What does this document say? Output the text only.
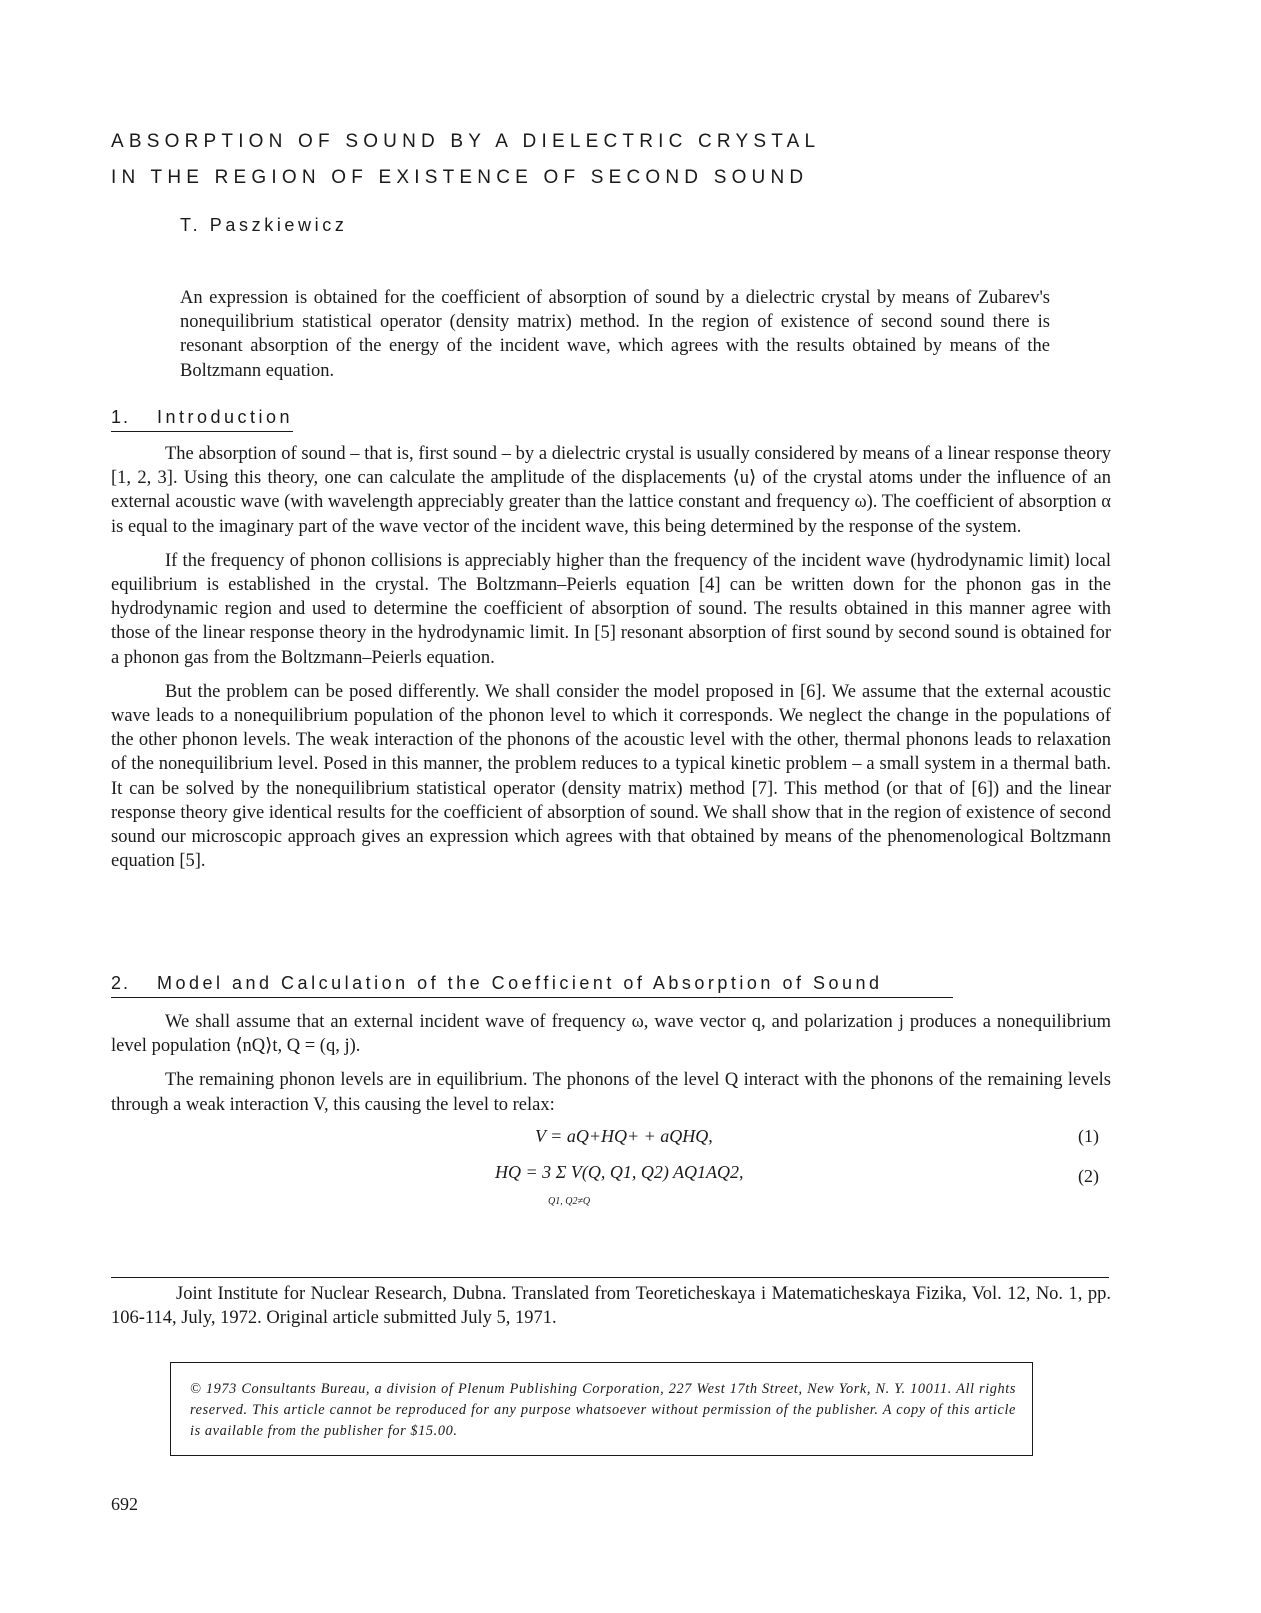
ABSORPTION OF SOUND BY A DIELECTRIC CRYSTAL
IN THE REGION OF EXISTENCE OF SECOND SOUND
T. Paszkiewicz
An expression is obtained for the coefficient of absorption of sound by a dielectric crystal by means of Zubarev's nonequilibrium statistical operator (density matrix) method. In the region of existence of second sound there is resonant absorption of the energy of the incident wave, which agrees with the results obtained by means of the Boltzmann equation.
1. Introduction

The absorption of sound – that is, first sound – by a dielectric crystal is usually considered by means of a linear response theory [1, 2, 3]. Using this theory, one can calculate the amplitude of the displacements ⟨u⟩ of the crystal atoms under the influence of an external acoustic wave (with wavelength appreciably greater than the lattice constant and frequency ω). The coefficient of absorption α is equal to the imaginary part of the wave vector of the incident wave, this being determined by the response of the system.

If the frequency of phonon collisions is appreciably higher than the frequency of the incident wave (hydrodynamic limit) local equilibrium is established in the crystal. The Boltzmann–Peierls equation [4] can be written down for the phonon gas in the hydrodynamic region and used to determine the coefficient of absorption of sound. The results obtained in this manner agree with those of the linear response theory in the hydrodynamic limit. In [5] resonant absorption of first sound by second sound is obtained for a phonon gas from the Boltzmann–Peierls equation.

But the problem can be posed differently. We shall consider the model proposed in [6]. We assume that the external acoustic wave leads to a nonequilibrium population of the phonon level to which it corresponds. We neglect the change in the populations of the other phonon levels. The weak interaction of the phonons of the acoustic level with the other, thermal phonons leads to relaxation of the nonequilibrium level. Posed in this manner, the problem reduces to a typical kinetic problem – a small system in a thermal bath. It can be solved by the nonequilibrium statistical operator (density matrix) method [7]. This method (or that of [6]) and the linear response theory give identical results for the coefficient of absorption of sound. We shall show that in the region of existence of second sound our microscopic approach gives an expression which agrees with that obtained by means of the phenomenological Boltzmann equation [5].

2. Model and Calculation of the Coefficient of Absorption of Sound

We shall assume that an external incident wave of frequency ω, wave vector q, and polarization j produces a nonequilibrium level population ⟨nQ⟩t, Q = (q, j).

The remaining phonon levels are in equilibrium. The phonons of the level Q interact with the phonons of the remaining levels through a weak interaction V, this causing the level to relax:

V = aQ+HQ+ + aQHQ,	(1)
HQ = 3 Σ V(Q, Q1, Q2) AQ1AQ2,
Q1, Q2≠Q
(2)
Joint Institute for Nuclear Research, Dubna. Translated from Teoreticheskaya i Matematicheskaya Fizika, Vol. 12, No. 1, pp. 106-114, July, 1972. Original article submitted July 5, 1971.
© 1973 Consultants Bureau, a division of Plenum Publishing Corporation, 227 West 17th Street, New York, N. Y. 10011. All rights reserved. This article cannot be reproduced for any purpose whatsoever without permission of the publisher. A copy of this article is available from the publisher for $15.00.
692
